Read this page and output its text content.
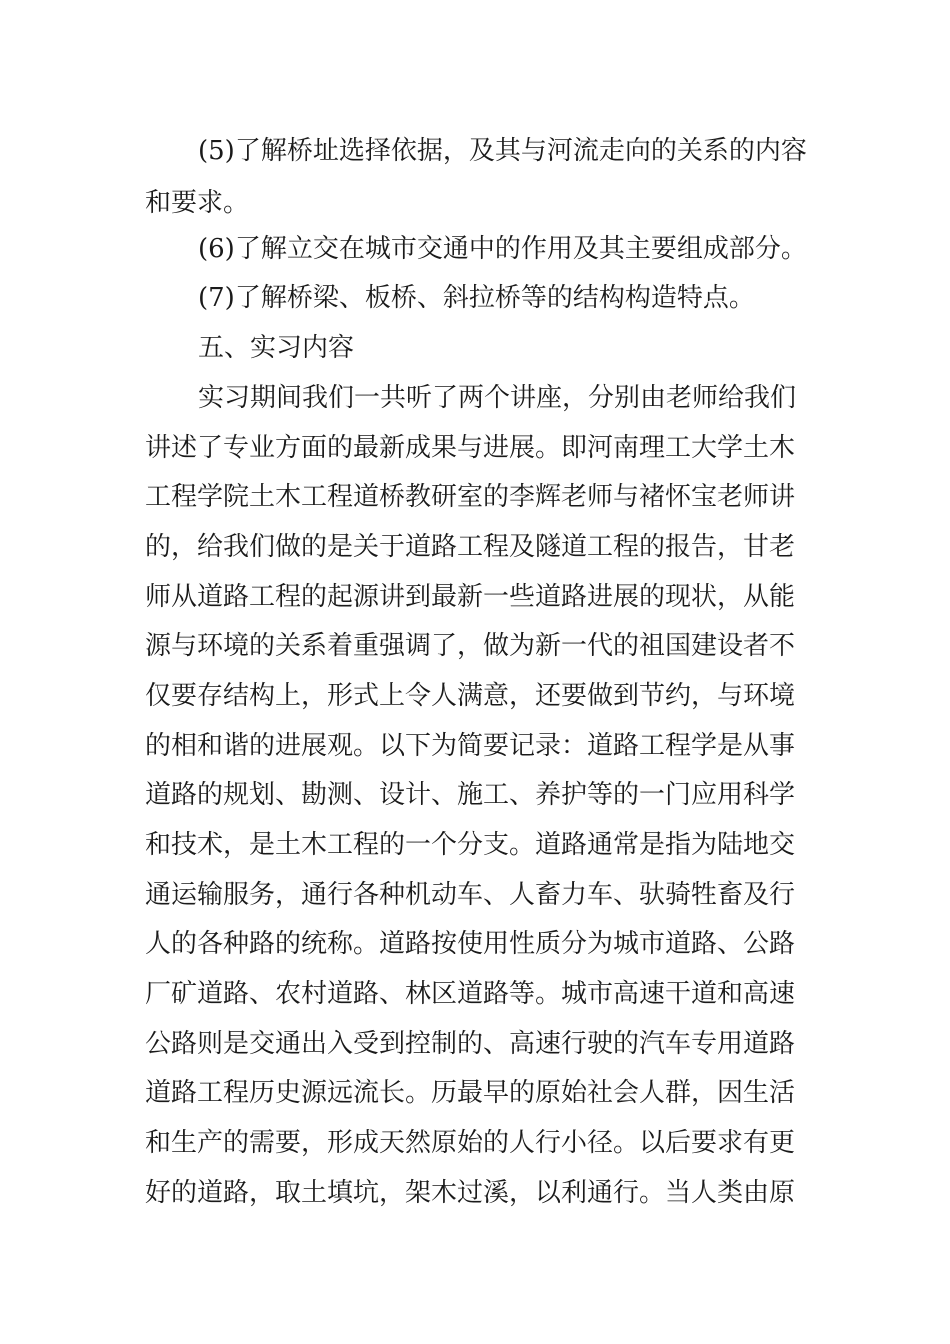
(5)了解桥址选择依据，及其与河流走向的关系的内容
和要求。
(6)了解立交在城市交通中的作用及其主要组成部分。
(7)了解桥梁、板桥、斜拉桥等的结构构造特点。
五、实习内容
实习期间我们一共听了两个讲座，分别由老师给我们
讲述了专业方面的最新成果与进展。即河南理工大学土木
工程学院土木工程道桥教研室的李辉老师与褚怀宝老师讲
的，给我们做的是关于道路工程及隧道工程的报告，甘老
师从道路工程的起源讲到最新一些道路进展的现状，从能
源与环境的关系着重强调了，做为新一代的祖国建设者不
仅要存结构上，形式上令人满意，还要做到节约，与环境
的相和谐的进展观。以下为简要记录：道路工程学是从事
道路的规划、勘测、设计、施工、养护等的一门应用科学
和技术，是土木工程的一个分支。道路通常是指为陆地交
通运输服务，通行各种机动车、人畜力车、驮骑牲畜及行
人的各种路的统称。道路按使用性质分为城市道路、公路
厂矿道路、农村道路、林区道路等。城市高速干道和高速
公路则是交通出入受到控制的、高速行驶的汽车专用道路
道路工程历史源远流长。历最早的原始社会人群，因生活
和生产的需要，形成天然原始的人行小径。以后要求有更
好的道路，取土填坑，架木过溪，以利通行。当人类由原
